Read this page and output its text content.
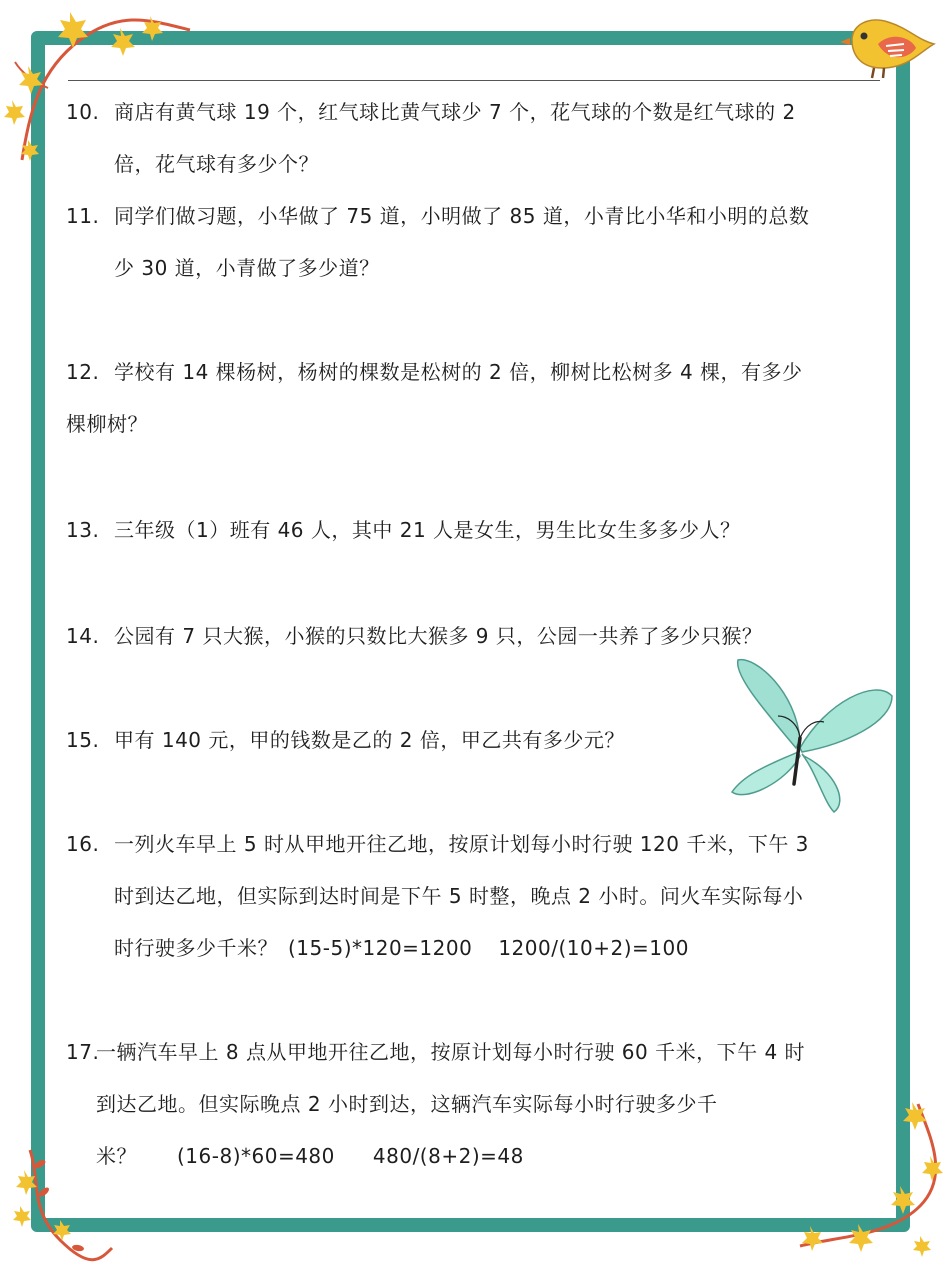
10. 商店有黄气球 19 个，红气球比黄气球少 7 个，花气球的个数是红气球的 2
倍，花气球有多少个？
11. 同学们做习题，小华做了 75 道，小明做了 85 道，小青比小华和小明的总数
少 30 道，小青做了多少道？
12. 学校有 14 棵杨树，杨树的棵数是松树的 2 倍，柳树比松树多 4 棵，有多少
棵柳树？
13. 三年级（1）班有 46 人，其中 21 人是女生，男生比女生多多少人？
14. 公园有 7 只大猴，小猴的只数比大猴多 9 只，公园一共养了多少只猴？
15. 甲有 140 元，甲的钱数是乙的 2 倍，甲乙共有多少元？
16. 一列火车早上 5 时从甲地开往乙地，按原计划每小时行驶 120 千米，下午 3
时到达乙地，但实际到达时间是下午 5 时整，晚点 2 小时。问火车实际每小
时行驶多少千米？ (15-5)*120=1200 1200/(10+2)=100
17.一辆汽车早上 8 点从甲地开往乙地，按原计划每小时行驶 60 千米，下午 4 时
到达乙地。但实际晚点 2 小时到达，这辆汽车实际每小时行驶多少千
米？ (16-8)*60=480 480/(8+2)=48
